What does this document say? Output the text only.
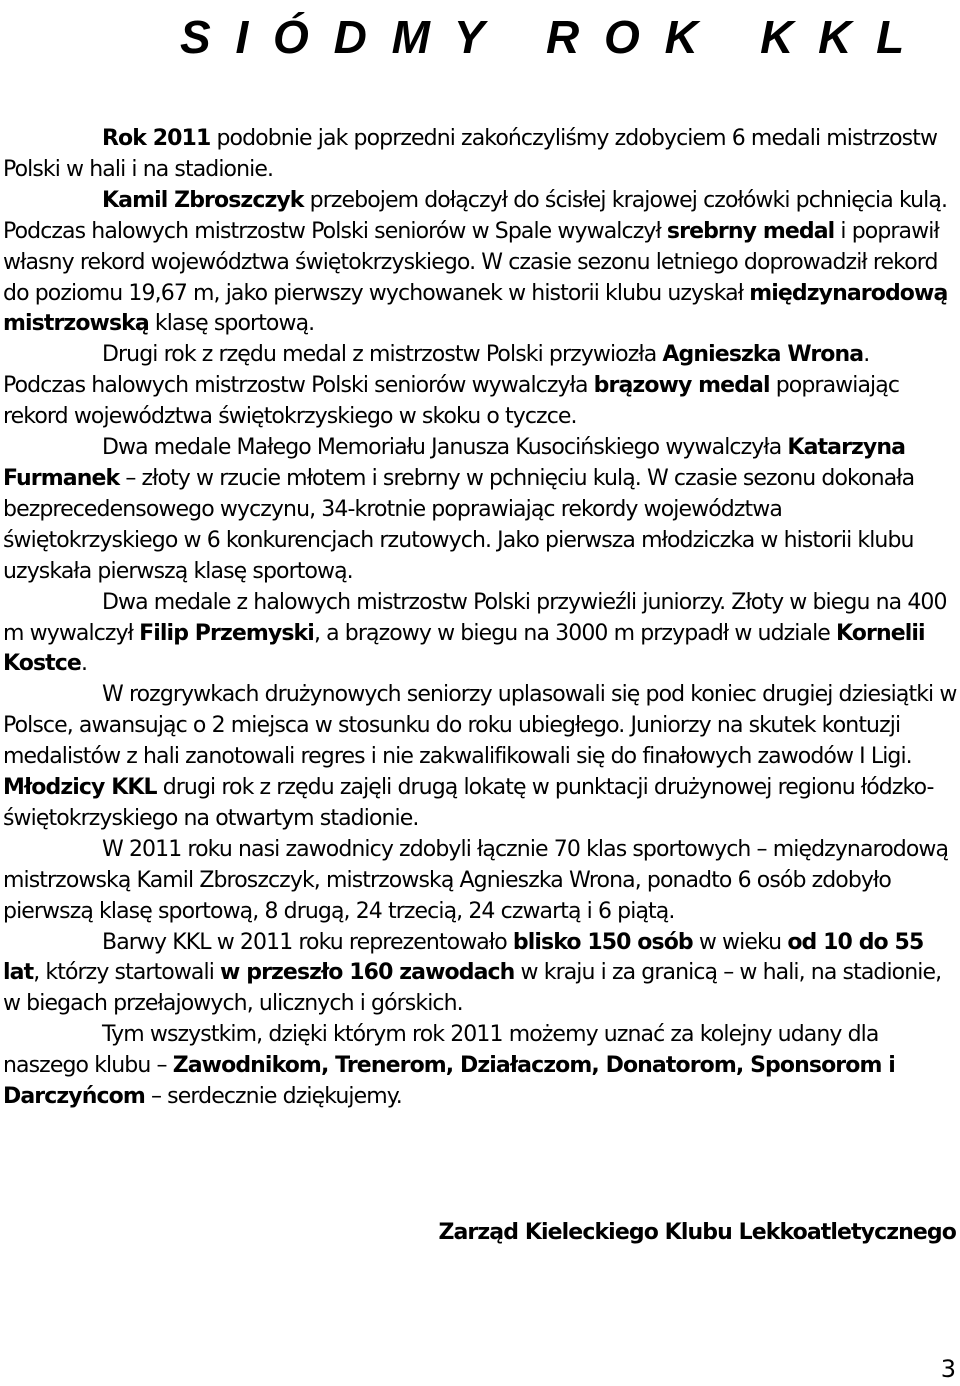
S I Ó D M Y   R O K   K K L

Rok 2011 podobnie jak poprzedni zakończyliśmy zdobyciem 6 medali mistrzostw Polski w hali i na stadionie.

Kamil Zbroszczyk przebojem dołączył do ścisłej krajowej czołówki pchnięcia kulą. Podczas halowych mistrzostw Polski seniorów w Spale wywalczył srebrny medal i poprawił własny rekord województwa świętokrzyskiego. W czasie sezonu letniego doprowadził rekord do poziomu 19,67 m, jako pierwszy wychowanek w historii klubu uzyskał międzynarodową mistrzowską klasę sportową.

Drugi rok z rzędu medal z mistrzostw Polski przywiozła Agnieszka Wrona. Podczas halowych mistrzostw Polski seniorów wywalczyła brązowy medal poprawiając rekord województwa świętokrzyskiego w skoku o tyczce.

Dwa medale Małego Memoriału Janusza Kusocińskiego wywalczyła Katarzyna Furmanek – złoty w rzucie młotem i srebrny w pchnięciu kulą. W czasie sezonu dokonała bezprecedensowego wyczynu, 34-krotnie poprawiając rekordy województwa świętokrzyskiego w 6 konkurencjach rzutowych. Jako pierwsza młodziczka w historii klubu uzyskała pierwszą klasę sportową.

Dwa medale z halowych mistrzostw Polski przywieźli juniorzy. Złoty w biegu na 400 m wywalczył Filip Przemyski, a brązowy w biegu na 3000 m przypadł w udziale Kornelii Kostce.

W rozgrywkach drużynowych seniorzy uplasowali się pod koniec drugiej dziesiątki w Polsce, awansując o 2 miejsca w stosunku do roku ubiegłego. Juniorzy na skutek kontuzji medalistów z hali zanotowali regres i nie zakwalifikowali się do finałowych zawodów I Ligi. Młodzicy KKL drugi rok z rzędu zajęli drugą lokatę w punktacji drużynowej regionu łódzko-świętokrzyskiego na otwartym stadionie.

W 2011 roku nasi zawodnicy zdobyli łącznie 70 klas sportowych – międzynarodową mistrzowską Kamil Zbroszczyk, mistrzowską Agnieszka Wrona, ponadto 6 osób zdobyło pierwszą klasę sportową, 8 drugą, 24 trzecią, 24 czwartą i 6 piątą.

Barwy KKL w 2011 roku reprezentowało blisko 150 osób w wieku od 10 do 55 lat, którzy startowali w przeszło 160 zawodach w kraju i za granicą – w hali, na stadionie, w biegach przełajowych, ulicznych i górskich.

Tym wszystkim, dzięki którym rok 2011 możemy uznać za kolejny udany dla naszego klubu – Zawodnikom, Trenerom, Działaczom, Donatorom, Sponsorom i Darczyńcom – serdecznie dziękujemy.

Zarząd Kieleckiego Klubu Lekkoatletycznego

3
